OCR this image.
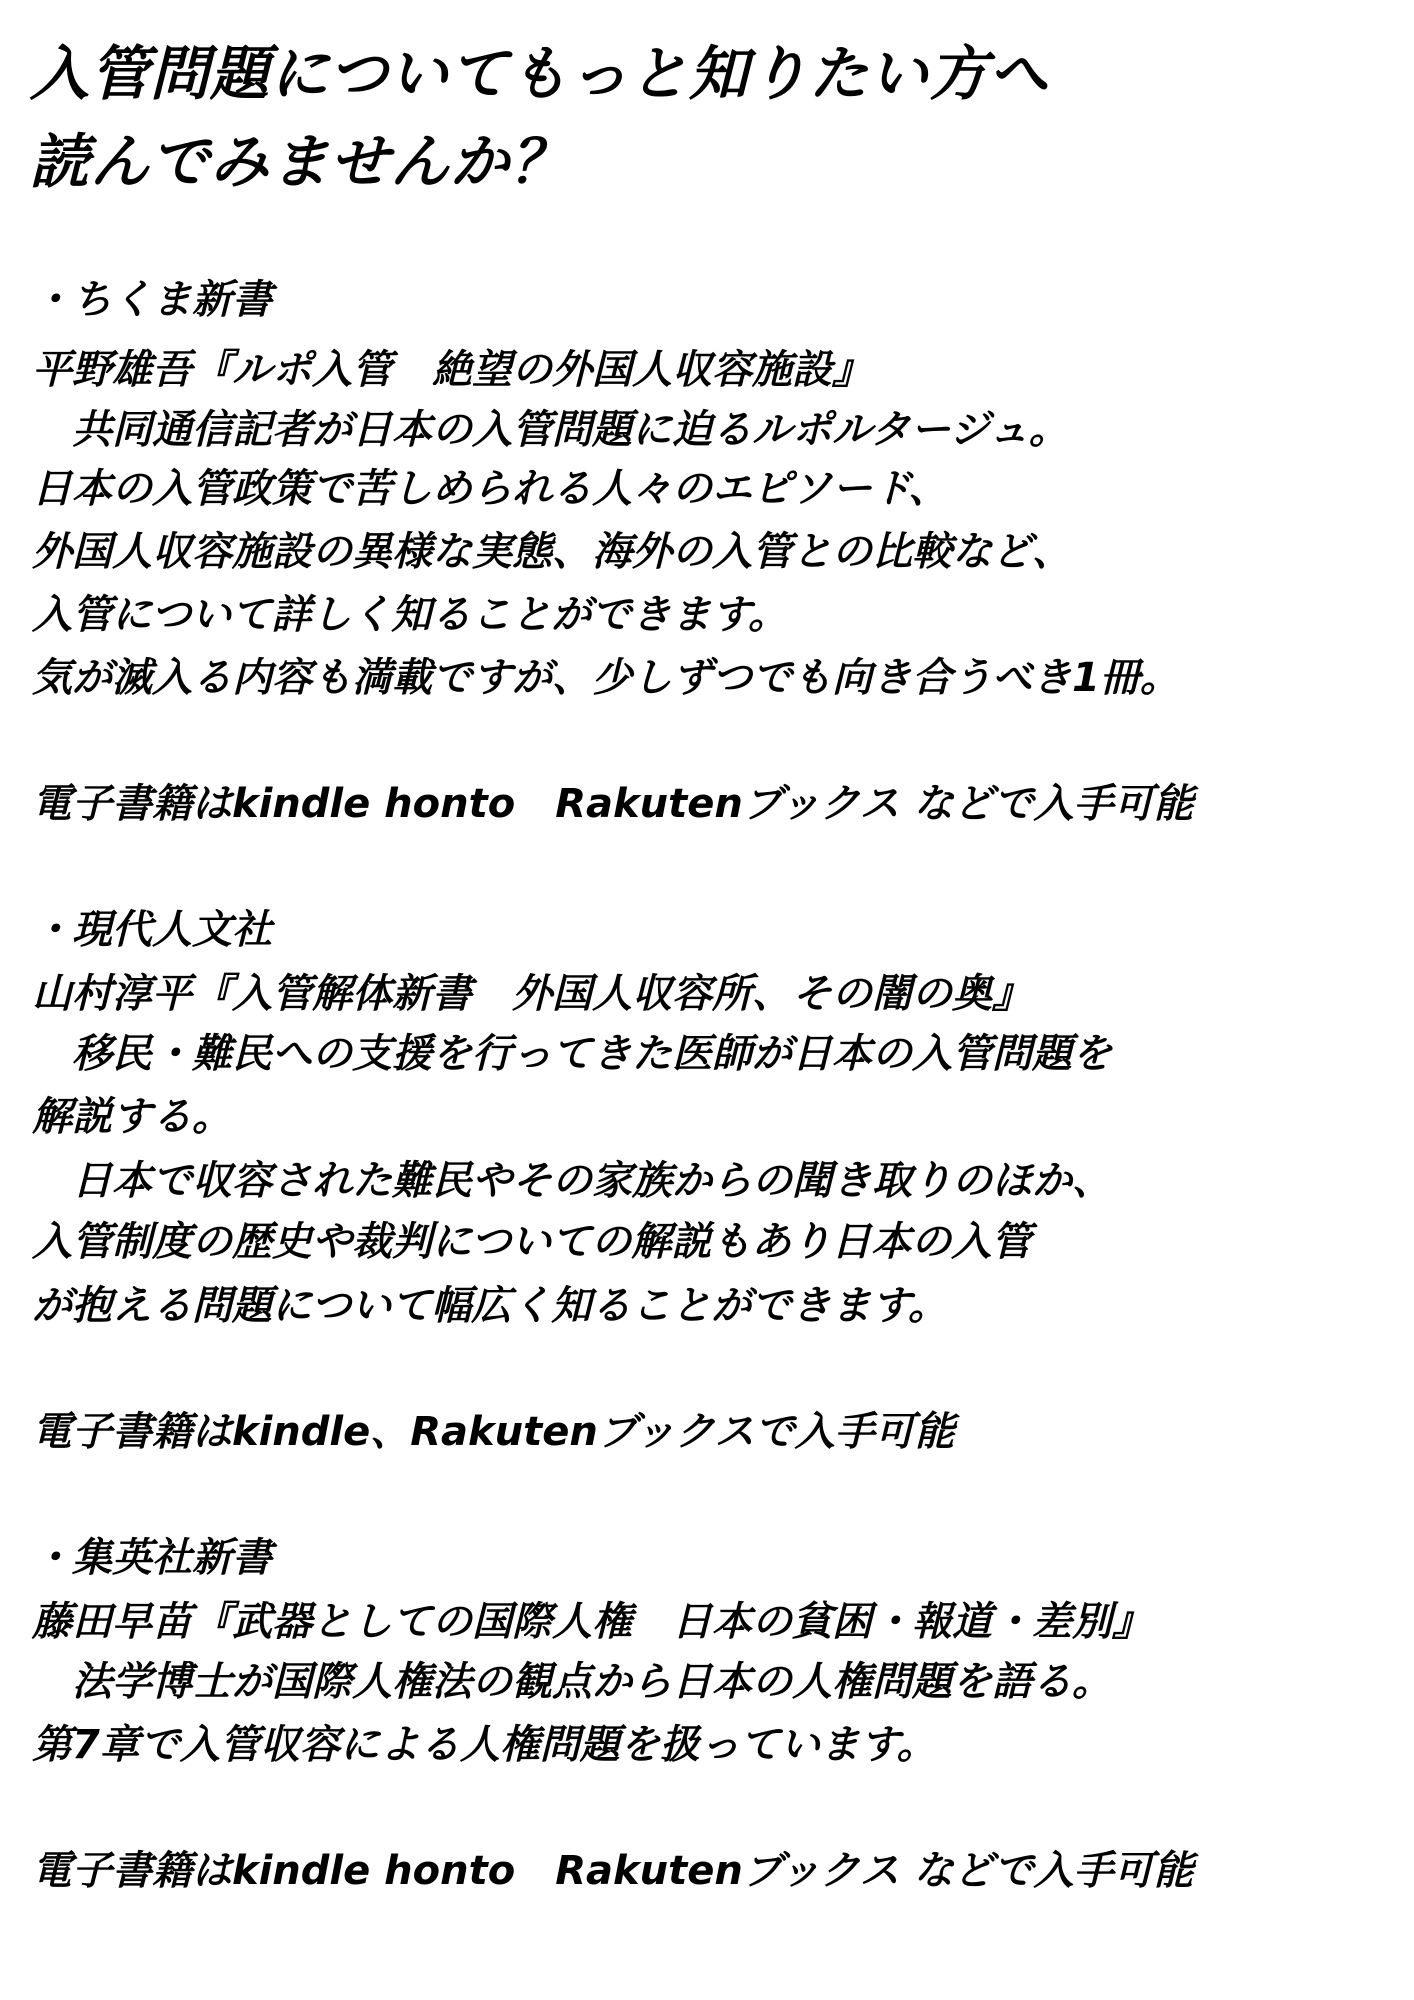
入管問題についてもっと知りたい方へ
読んでみませんか？

・ちくま新書

平野雄吾『ルポ入管　絶望の外国人収容施設』

　共同通信記者が日本の入管問題に迫るルポルタージュ。

日本の入管政策で苦しめられる人々のエピソード、

外国人収容施設の異様な実態、海外の入管との比較など、

入管について詳しく知ることができます。

気が滅入る内容も満載ですが、少しずつでも向き合うべき1冊。

電子書籍はkindle honto　Rakutenブックス などで入手可能

・現代人文社

山村淳平『入管解体新書　外国人収容所、その闇の奥』

　移民・難民への支援を行ってきた医師が日本の入管問題を

解説する。

　日本で収容された難民やその家族からの聞き取りのほか、

入管制度の歴史や裁判についての解説もあり日本の入管

が抱える問題について幅広く知ることができます。

電子書籍はkindle、Rakutenブックスで入手可能

・集英社新書

藤田早苗『武器としての国際人権　日本の貧困・報道・差別』

　法学博士が国際人権法の観点から日本の人権問題を語る。

第7章で入管収容による人権問題を扱っています。

電子書籍はkindle honto　Rakutenブックス などで入手可能
